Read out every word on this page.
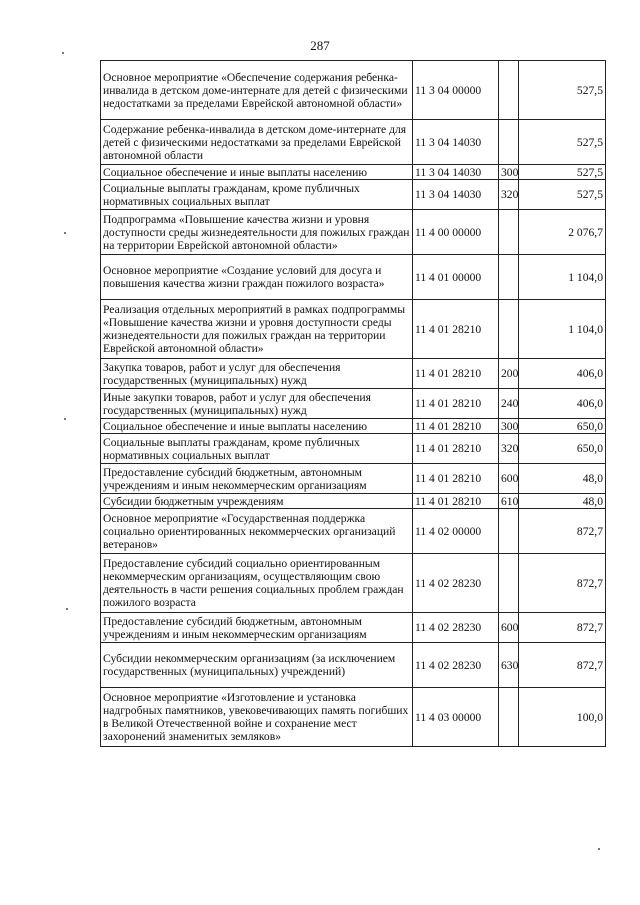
287
Основное мероприятие «Обеспечение содержания ребенка-инвалида в детском доме-интернате для детей с физическими недостатками за пределами Еврейской автономной области»	11 3 04 00000		527,5
Содержание ребенка-инвалида в детском доме-интернате для детей с физическими недостатками за пределами Еврейской автономной области	11 3 04 14030		527,5
Социальное обеспечение и иные выплаты населению	11 3 04 14030	300	527,5
Социальные выплаты гражданам, кроме публичных нормативных социальных выплат	11 3 04 14030	320	527,5
Подпрограмма «Повышение качества жизни и уровня доступности среды жизнедеятельности для пожилых граждан на территории Еврейской автономной области»	11 4 00 00000		2 076,7
Основное мероприятие «Создание условий для досуга и повышения качества жизни граждан пожилого возраста»	11 4 01 00000		1 104,0
Реализация отдельных мероприятий в рамках подпрограммы «Повышение качества жизни и уровня доступности среды жизнедеятельности для пожилых граждан на территории Еврейской автономной области»	11 4 01 28210		1 104,0
Закупка товаров, работ и услуг для обеспечения государственных (муниципальных) нужд	11 4 01 28210	200	406,0
Иные закупки товаров, работ и услуг для обеспечения государственных (муниципальных) нужд	11 4 01 28210	240	406,0
Социальное обеспечение и иные выплаты населению	11 4 01 28210	300	650,0
Социальные выплаты гражданам, кроме публичных нормативных социальных выплат	11 4 01 28210	320	650,0
Предоставление субсидий бюджетным, автономным учреждениям и иным некоммерческим организациям	11 4 01 28210	600	48,0
Субсидии бюджетным учреждениям	11 4 01 28210	610	48,0
Основное мероприятие «Государственная поддержка социально ориентированных некоммерческих организаций ветеранов»	11 4 02 00000		872,7
Предоставление субсидий социально ориентированным некоммерческим организациям, осуществляющим свою деятельность в части решения социальных проблем граждан пожилого возраста	11 4 02 28230		872,7
Предоставление субсидий бюджетным, автономным учреждениям и иным некоммерческим организациям	11 4 02 28230	600	872,7
Субсидии некоммерческим организациям (за исключением государственных (муниципальных) учреждений)	11 4 02 28230	630	872,7
Основное мероприятие «Изготовление и установка надгробных памятников, увековечивающих память погибших в Великой Отечественной войне и сохранение мест захоронений знаменитых земляков»	11 4 03 00000		100,0
